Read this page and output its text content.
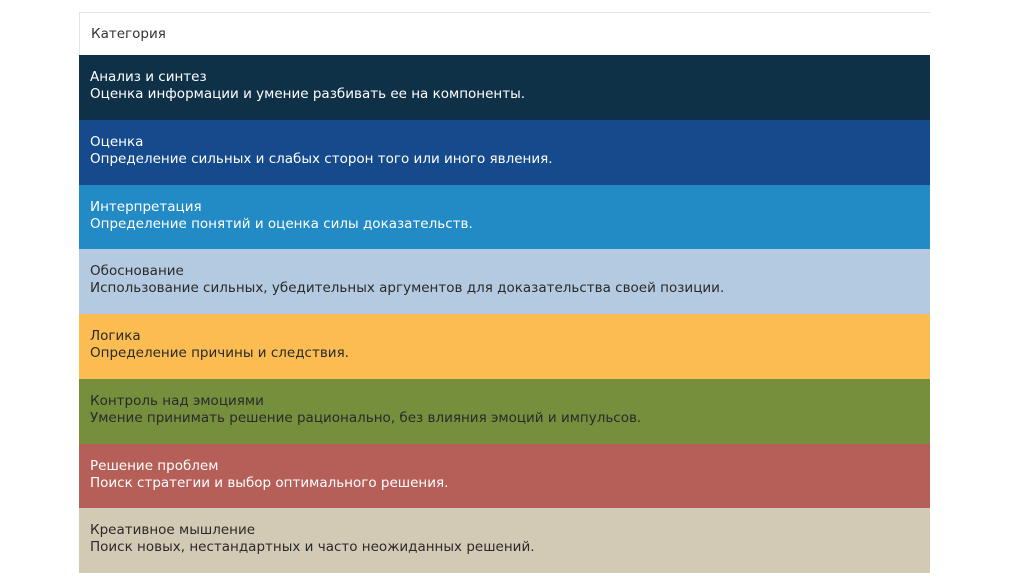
Категория
Анализ и синтез
Оценка информации и умение разбивать ее на компоненты.
Оценка
Определение сильных и слабых сторон того или иного явления.
Интерпретация
Определение понятий и оценка силы доказательств.
Обоснование
Использование сильных, убедительных аргументов для доказательства своей позиции.
Логика
Определение причины и следствия.
Контроль над эмоциями
Умение принимать решение рационально, без влияния эмоций и импульсов.
Решение проблем
Поиск стратегии и выбор оптимального решения.
Креативное мышление
Поиск новых, нестандартных и часто неожиданных решений.
